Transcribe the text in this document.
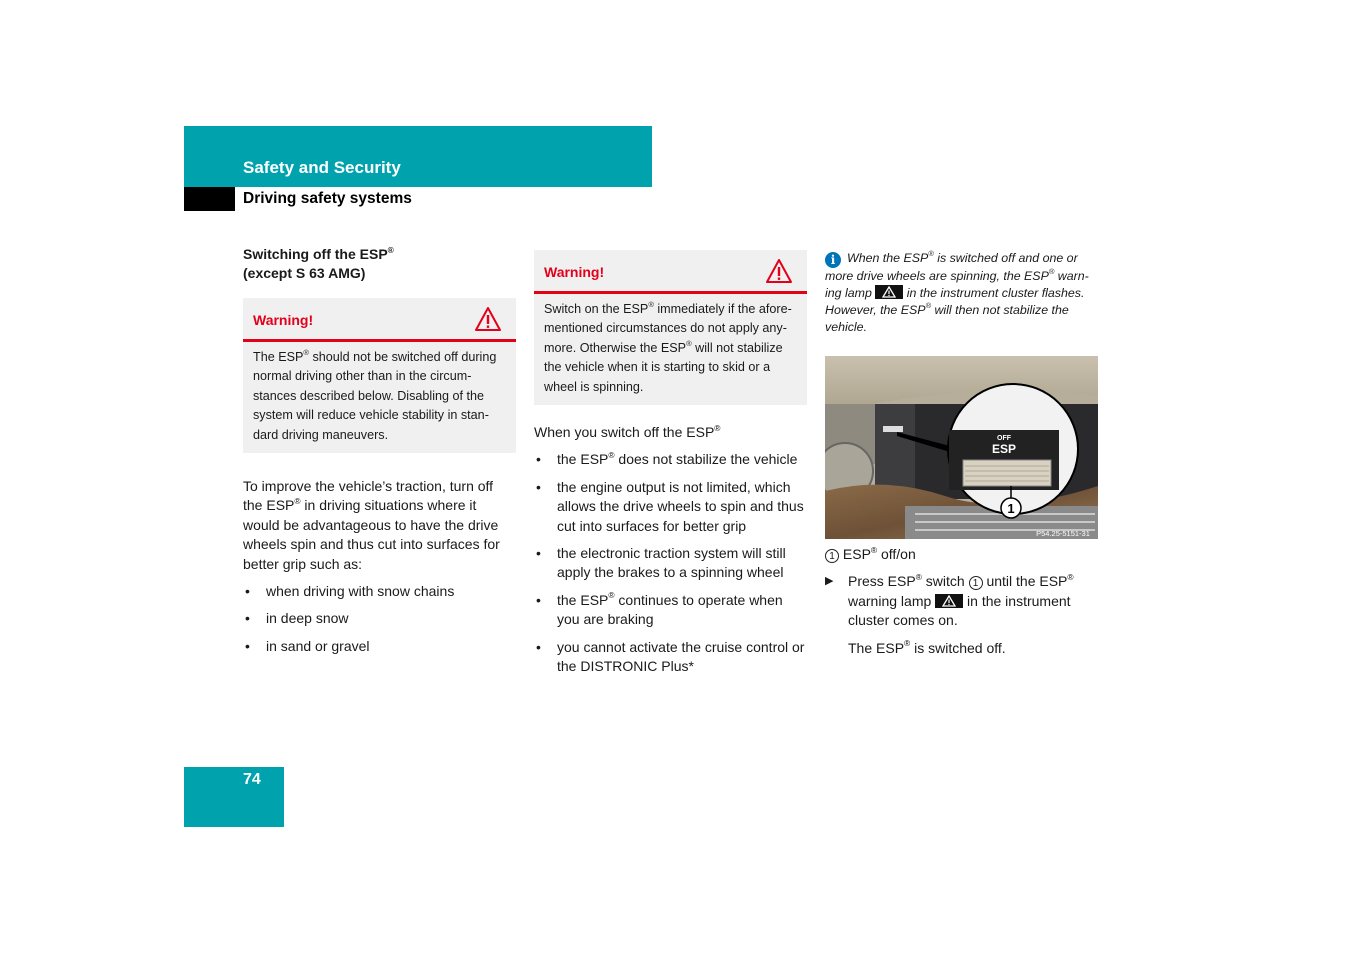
Safety and Security
Driving safety systems
Switching off the ESP®
(except S 63 AMG)
Warning!
The ESP® should not be switched off during normal driving other than in the circumstances described below. Disabling of the system will reduce vehicle stability in standard driving maneuvers.

To improve the vehicle’s traction, turn off the ESP® in driving situations where it would be advantageous to have the drive wheels spin and thus cut into surfaces for better grip such as:

• when driving with snow chains
• in deep snow
• in sand or gravel
Warning!
Switch on the ESP® immediately if the aforementioned circumstances do not apply anymore. Otherwise the ESP® will not stabilize the vehicle when it is starting to skid or a wheel is spinning.

When you switch off the ESP®

• the ESP® does not stabilize the vehicle
• the engine output is not limited, which allows the drive wheels to spin and thus cut into surfaces for better grip
• the electronic traction system will still apply the brakes to a spinning wheel
• the ESP® continues to operate when you are braking
• you cannot activate the cruise control or the DISTRONIC Plus*
i When the ESP® is switched off and one or more drive wheels are spinning, the ESP® warning lamp
in the instrument cluster flashes. However, the ESP® will then not stabilize the vehicle.
OFF
ESP
1
P54.25-5151-31
1 ESP® off/on
▶ Press ESP® switch 1 until the ESP® warning lamp
in the instrument cluster comes on.
The ESP® is switched off.
74
